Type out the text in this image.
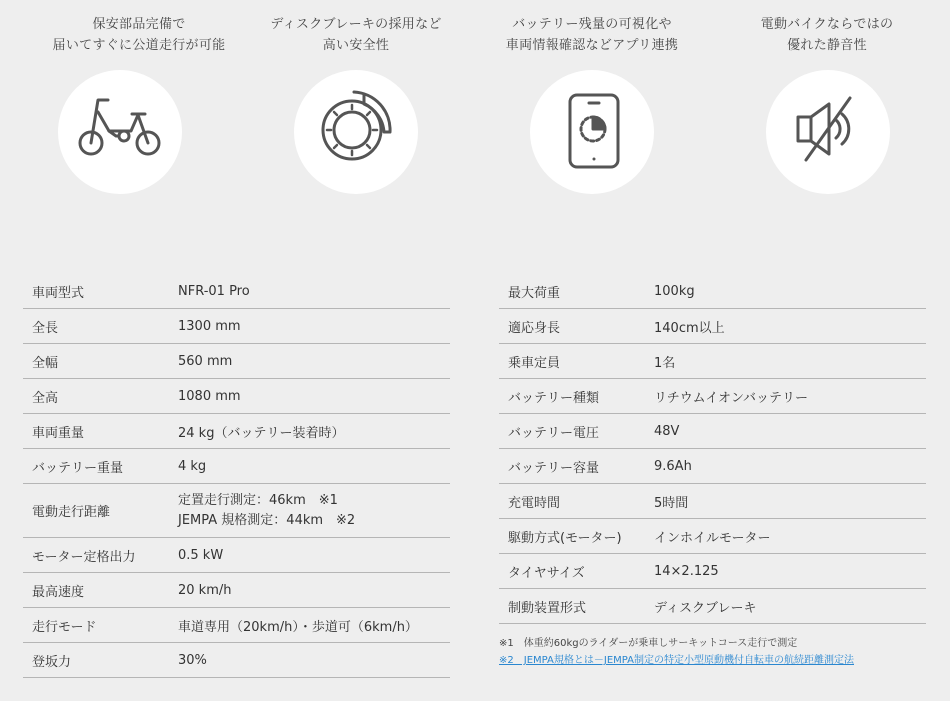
保安部品完備で
届いてすぐに公道走行が可能
ディスクブレーキの採用など
高い安全性
バッテリー残量の可視化や
車両情報確認などアプリ連携
電動バイクならではの
優れた静音性
車両型式	NFR-01 Pro
全長	1300 mm
全幅	560 mm
全高	1080 mm
車両重量	24 kg（バッテリー装着時）
バッテリー重量	4 kg
電動走行距離	定置走行測定：46km　※1
JEMPA 規格測定：44km　※2
モーター定格出力	0.5 kW
最高速度	20 km/h
走行モード	車道専用（20km/h）・歩道可（6km/h）
登坂力	30%
最大荷重	100kg
適応身長	140cm以上
乗車定員	1名
バッテリー種類	リチウムイオンバッテリー
バッテリー電圧	48V
バッテリー容量	9.6Ah
充電時間	5時間
駆動方式(モーター)	インホイルモーター
タイヤサイズ	14×2.125
制動装置形式	ディスクブレーキ
※1　体重約60kgのライダーが乗車しサーキットコース走行で測定
※2　JEMPA規格とは－JEMPA制定の特定小型原動機付自転車の航続距離測定法
